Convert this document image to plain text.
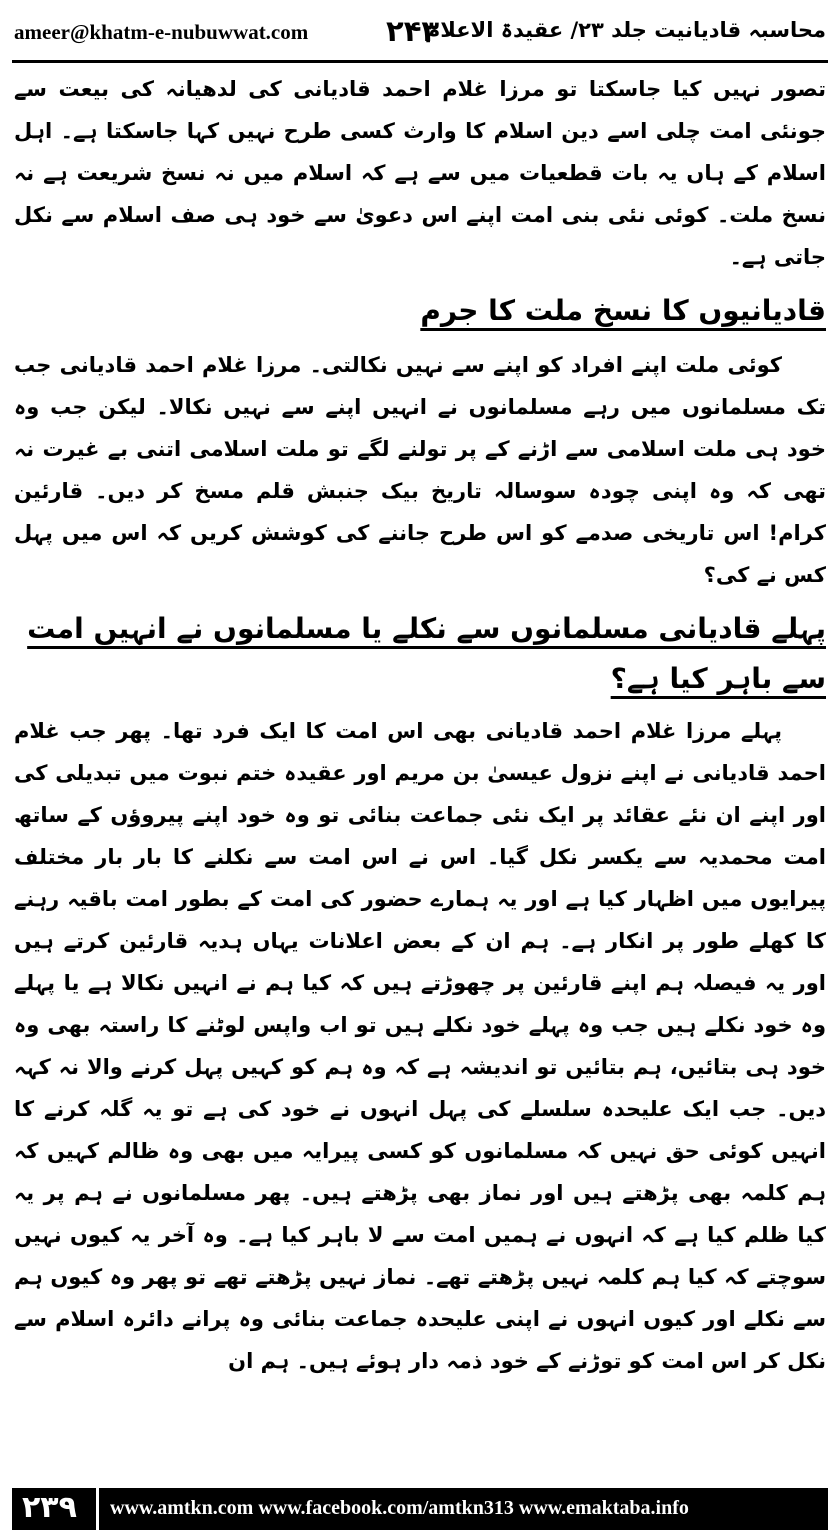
ameer@khatm-e-nubuwwat.com	۲۴۳
محاسبہ قادیانیت جلد ۲۳/ عقیدۃ الاعلام

تصور نہیں کیا جاسکتا تو مرزا غلام احمد قادیانی کی لدھیانہ کی بیعت سے جونئی امت چلی اسے دین اسلام کا وارث کسی طرح نہیں کہا جاسکتا ہے۔ اہل اسلام کے ہاں یہ بات قطعیات میں سے ہے کہ اسلام میں نہ نسخ شریعت ہے نہ نسخ ملت۔ کوئی نئی بنی امت اپنے اس دعویٰ سے خود ہی صف اسلام سے نکل جاتی ہے۔

قادیانیوں کا نسخ ملت کا جرم

کوئی ملت اپنے افراد کو اپنے سے نہیں نکالتی۔ مرزا غلام احمد قادیانی جب تک مسلمانوں میں رہے مسلمانوں نے انہیں اپنے سے نہیں نکالا۔ لیکن جب وہ خود ہی ملت اسلامی سے اڑنے کے پر تولنے لگے تو ملت اسلامی اتنی بے غیرت نہ تھی کہ وہ اپنی چودہ سوسالہ تاریخ بیک جنبش قلم مسخ کر دیں۔ قارئین کرام! اس تاریخی صدمے کو اس طرح جاننے کی کوشش کریں کہ اس میں پہل کس نے کی؟

پہلے قادیانی مسلمانوں سے نکلے یا مسلمانوں نے انہیں امت سے باہر کیا ہے؟

پہلے مرزا غلام احمد قادیانی بھی اس امت کا ایک فرد تھا۔ پھر جب غلام احمد قادیانی نے اپنے نزول عیسیٰ بن مریم اور عقیدہ ختم نبوت میں تبدیلی کی اور اپنے ان نئے عقائد پر ایک نئی جماعت بنائی تو وہ خود اپنے پیروؤں کے ساتھ امت محمدیہ سے یکسر نکل گیا۔ اس نے اس امت سے نکلنے کا بار بار مختلف پیرایوں میں اظہار کیا ہے اور یہ ہمارے حضور کی امت کے بطور امت باقیہ رہنے کا کھلے طور پر انکار ہے۔ ہم ان کے بعض اعلانات یہاں ہدیہ قارئین کرتے ہیں اور یہ فیصلہ ہم اپنے قارئین پر چھوڑتے ہیں کہ کیا ہم نے انہیں نکالا ہے یا پہلے وہ خود نکلے ہیں جب وہ پہلے خود نکلے ہیں تو اب واپس لوٹنے کا راستہ بھی وہ خود ہی بتائیں، ہم بتائیں تو اندیشہ ہے کہ وہ ہم کو کہیں پہل کرنے والا نہ کہہ دیں۔ جب ایک علیحدہ سلسلے کی پہل انہوں نے خود کی ہے تو یہ گلہ کرنے کا انہیں کوئی حق نہیں کہ مسلمانوں کو کسی پیرایہ میں بھی وہ ظالم کہیں کہ ہم کلمہ بھی پڑھتے ہیں اور نماز بھی پڑھتے ہیں۔ پھر مسلمانوں نے ہم پر یہ کیا ظلم کیا ہے کہ انہوں نے ہمیں امت سے لا باہر کیا ہے۔ وہ آخر یہ کیوں نہیں سوچتے کہ کیا ہم کلمہ نہیں پڑھتے تھے۔ نماز نہیں پڑھتے تھے تو پھر وہ کیوں ہم سے نکلے اور کیوں انہوں نے اپنی علیحدہ جماعت بنائی وہ پرانے دائرہ اسلام سے نکل کر اس امت کو توڑنے کے خود ذمہ دار ہوئے ہیں۔ ہم ان

۲۳۹ www.amtkn.com www.facebook.com/amtkn313 www.emaktaba.info
